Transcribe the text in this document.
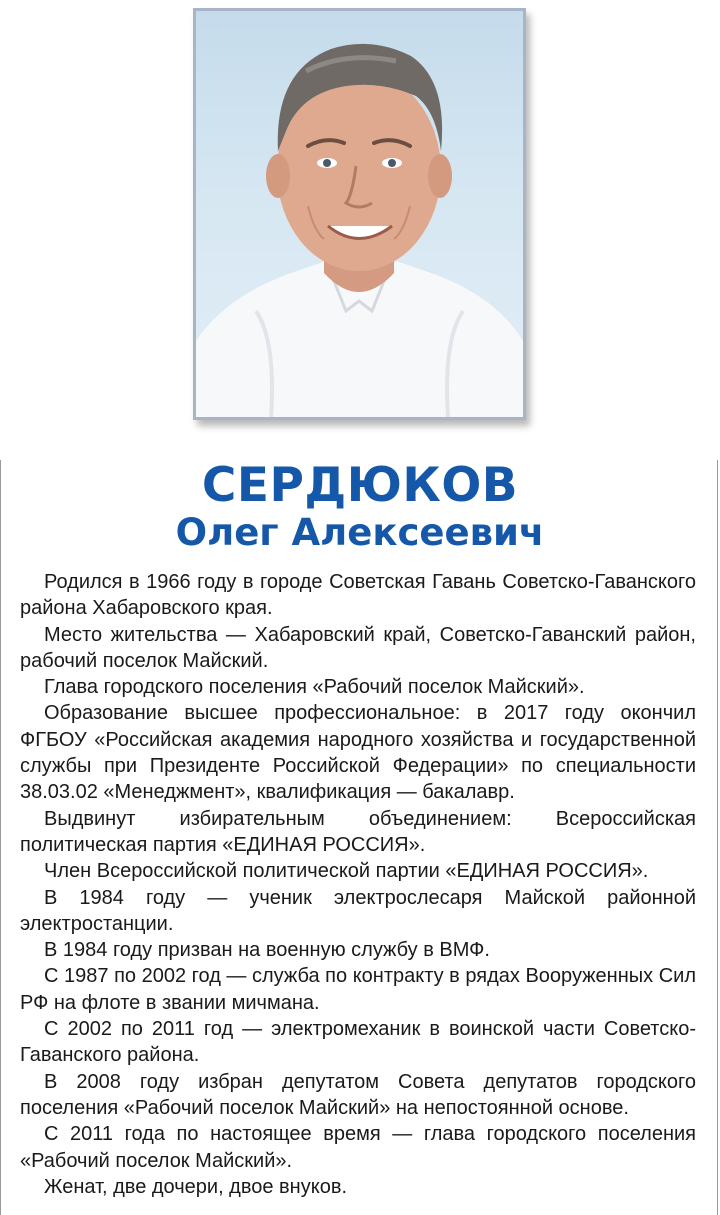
СЕРДЮКОВ
Олег Алексеевич

Родился в 1966 году в городе Советская Гавань Советско-Гаванского района Хабаровского края.

Место жительства — Хабаровский край, Советско-Гаванский район, рабочий поселок Майский.

Глава городского поселения «Рабочий поселок Майский».

Образование высшее профессиональное: в 2017 году окончил ФГБОУ «Российская академия народного хозяйства и государственной службы при Президенте Российской Федерации» по специальности 38.03.02 «Менеджмент», квалификация — бакалавр.

Выдвинут избирательным объединением: Всероссийская политическая партия «ЕДИНАЯ РОССИЯ».

Член Всероссийской политической партии «ЕДИНАЯ РОССИЯ».

В 1984 году — ученик электрослесаря Майской районной электростанции.

В 1984 году призван на военную службу в ВМФ.

С 1987 по 2002 год — служба по контракту в рядах Вооруженных Сил РФ на флоте в звании мичмана.

С 2002 по 2011 год — электромеханик в воинской части Советско-Гаванского района.

В 2008 году избран депутатом Совета депутатов городского поселения «Рабочий поселок Майский» на непостоянной основе.

С 2011 года по настоящее время — глава городского поселения «Рабочий поселок Майский».

Женат, две дочери, двое внуков.
